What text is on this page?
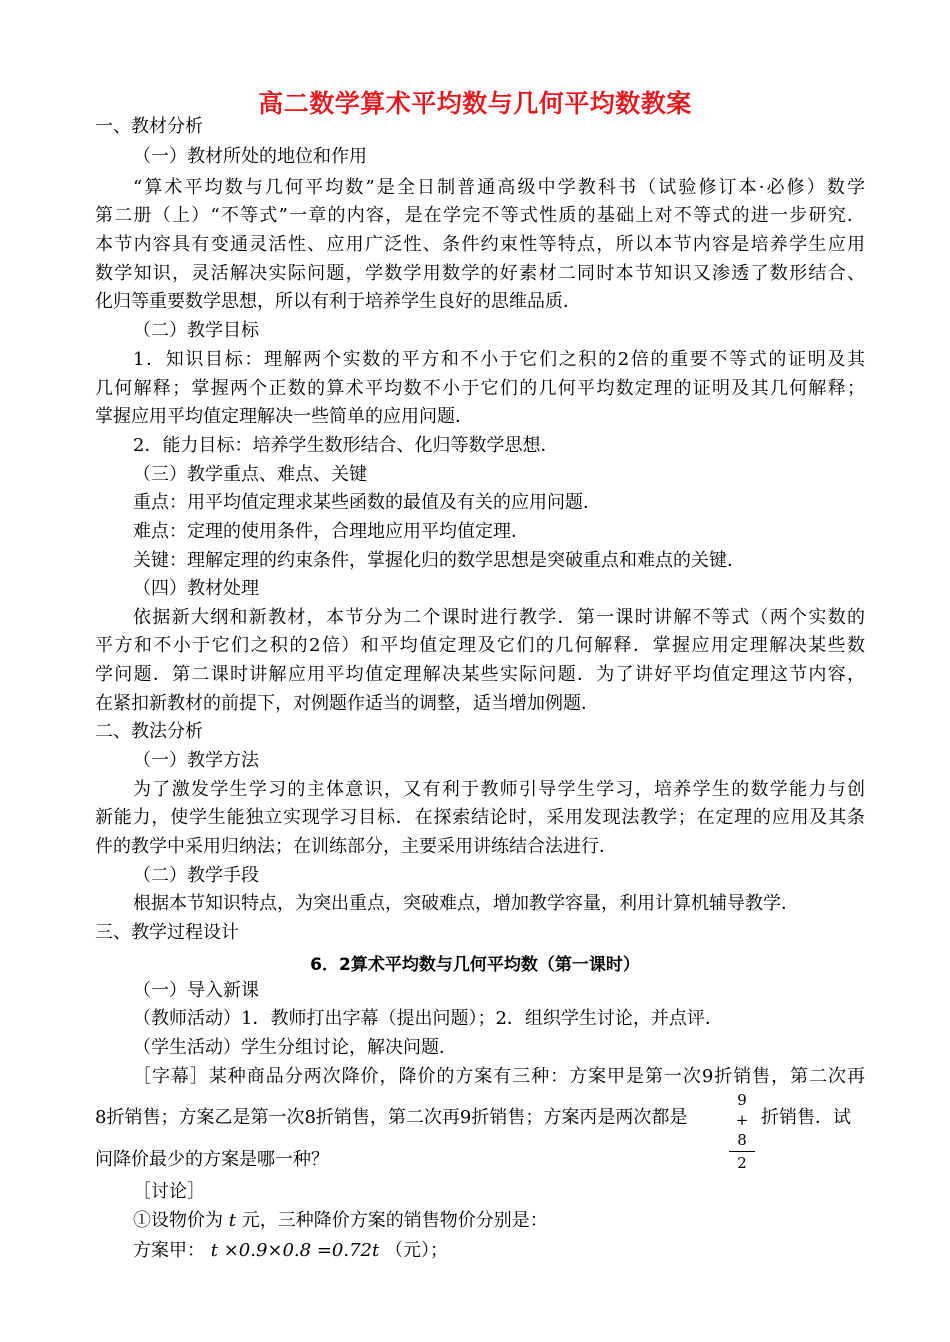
高二数学算术平均数与几何平均数教案
一、教材分析
（一）教材所处的地位和作用
“算术平均数与几何平均数”是全日制普通高级中学教科书（试验修订本·必修）数学
第二册（上）“不等式”一章的内容，是在学完不等式性质的基础上对不等式的进一步研究．
本节内容具有变通灵活性、应用广泛性、条件约束性等特点，所以本节内容是培养学生应用
数学知识，灵活解决实际问题，学数学用数学的好素材二同时本节知识又渗透了数形结合、
化归等重要数学思想，所以有利于培养学生良好的思维品质．
（二）教学目标
1．知识目标：理解两个实数的平方和不小于它们之积的2倍的重要不等式的证明及其
几何解释；掌握两个正数的算术平均数不小于它们的几何平均数定理的证明及其几何解释；
掌握应用平均值定理解决一些简单的应用问题．
2．能力目标：培养学生数形结合、化归等数学思想．
（三）教学重点、难点、关键
重点：用平均值定理求某些函数的最值及有关的应用问题．
难点：定理的使用条件，合理地应用平均值定理．
关键：理解定理的约束条件，掌握化归的数学思想是突破重点和难点的关键．
（四）教材处理
依据新大纲和新教材，本节分为二个课时进行教学．第一课时讲解不等式（两个实数的
平方和不小于它们之积的2倍）和平均值定理及它们的几何解释．掌握应用定理解决某些数
学问题．第二课时讲解应用平均值定理解决某些实际问题．为了讲好平均值定理这节内容，
在紧扣新教材的前提下，对例题作适当的调整，适当增加例题．
二、教法分析
（一）教学方法
为了激发学生学习的主体意识，又有利于教师引导学生学习，培养学生的数学能力与创
新能力，使学生能独立实现学习目标．在探索结论时，采用发现法教学；在定理的应用及其条
件的教学中采用归纳法；在训练部分，主要采用讲练结合法进行．
（二）教学手段
根据本节知识特点，为突出重点，突破难点，增加教学容量，利用计算机辅导教学．
三、教学过程设计
6．2算术平均数与几何平均数（第一课时）
（一）导入新课
（教师活动）1．教师打出字幕（提出问题）；2．组织学生讨论，并点评．
（学生活动）学生分组讨论，解决问题．
［字幕］某种商品分两次降价，降价的方案有三种：方案甲是第一次9折销售，第二次再
8折销售；方案乙是第一次8折销售，第二次再9折销售；方案丙是两次都是
9 + 8
2
折销售．试
问降价最少的方案是哪一种？
［讨论］
①设物价为 t 元，三种降价方案的销售物价分别是：
方案甲： t ×0.9×0.8 =0.72t （元）；
